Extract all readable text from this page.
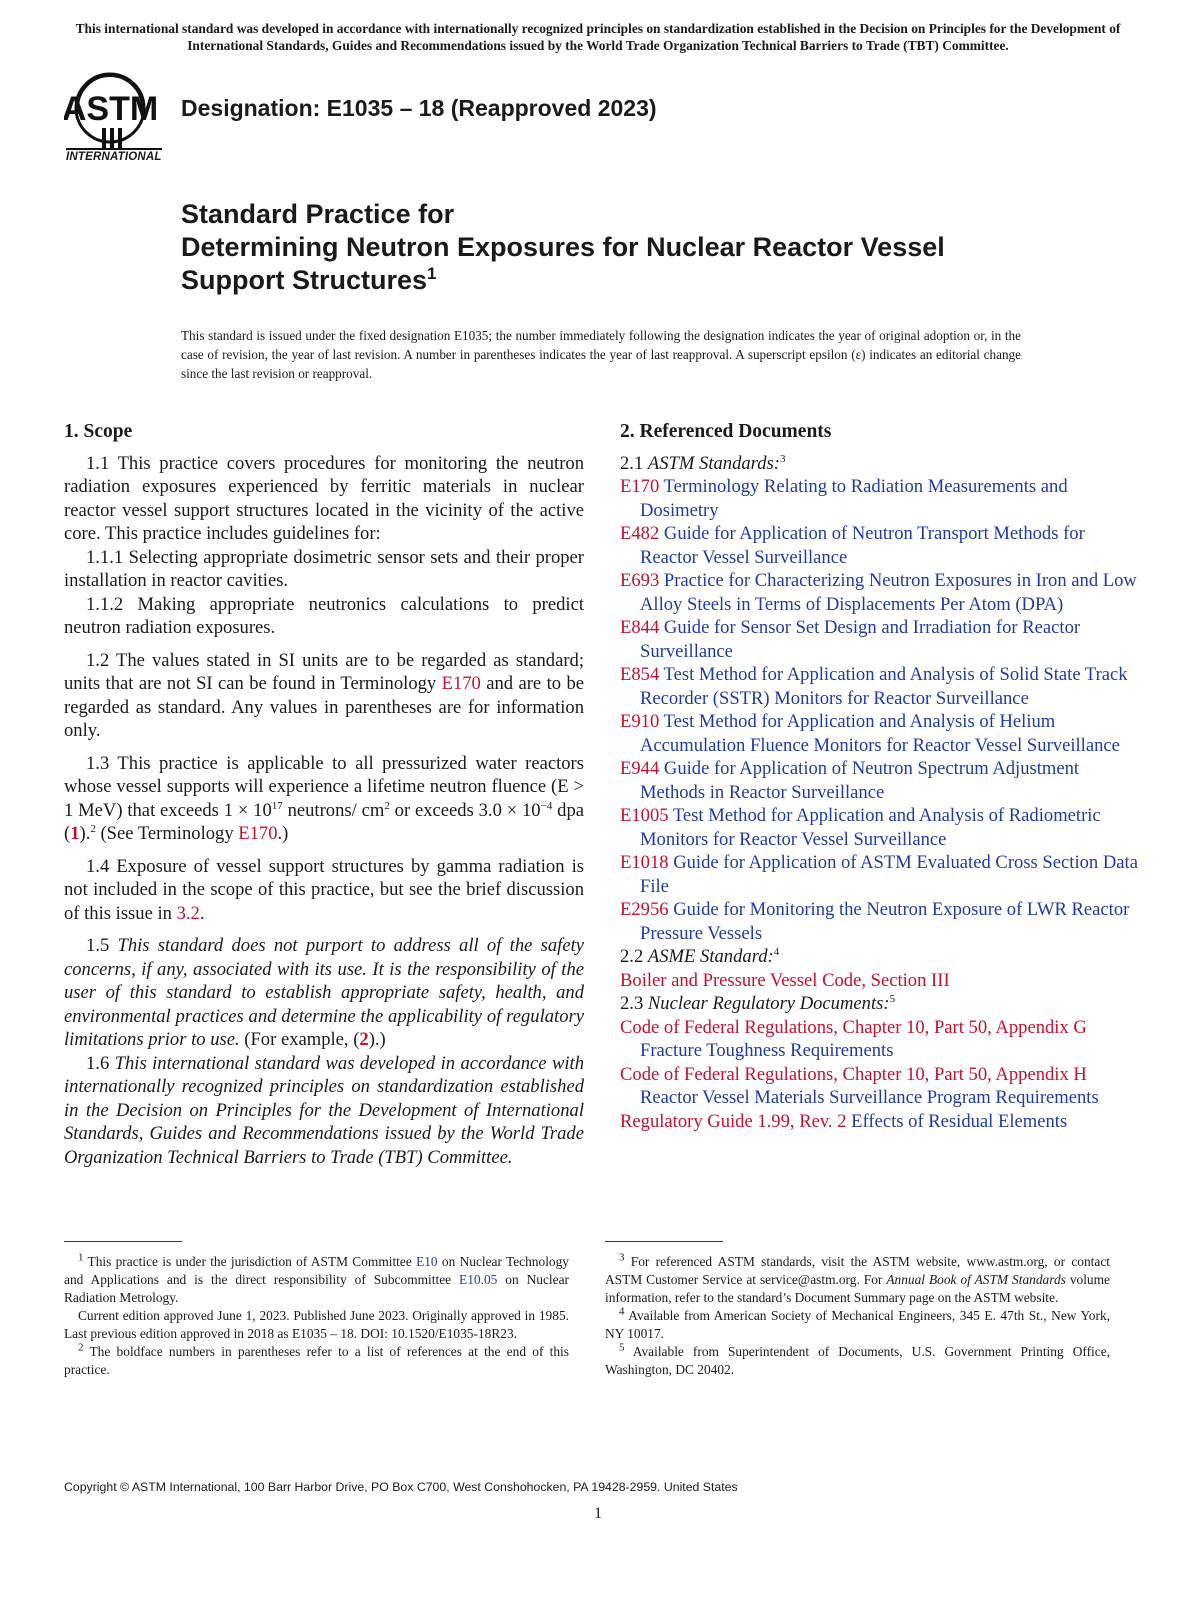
This international standard was developed in accordance with internationally recognized principles on standardization established in the Decision on Principles for the Development of International Standards, Guides and Recommendations issued by the World Trade Organization Technical Barriers to Trade (TBT) Committee.
ASTM
INTERNATIONAL
Designation: E1035 – 18 (Reapproved 2023)
Standard Practice for
Determining Neutron Exposures for Nuclear Reactor Vessel
Support Structures$^1$
This standard is issued under the fixed designation E1035; the number immediately following the designation indicates the year of original adoption or, in the case of revision, the year of last revision. A number in parentheses indicates the year of last reapproval. A superscript epsilon (ε) indicates an editorial change since the last revision or reapproval.
1. Scope

1.1 This practice covers procedures for monitoring the neutron radiation exposures experienced by ferritic materials in nuclear reactor vessel support structures located in the vicinity of the active core. This practice includes guidelines for:

1.1.1 Selecting appropriate dosimetric sensor sets and their proper installation in reactor cavities.

1.1.2 Making appropriate neutronics calculations to predict neutron radiation exposures.

1.2 The values stated in SI units are to be regarded as standard; units that are not SI can be found in Terminology E170 and are to be regarded as standard. Any values in parentheses are for information only.

1.3 This practice is applicable to all pressurized water reactors whose vessel supports will experience a lifetime neutron fluence (E > 1 MeV) that exceeds $1 \times 10^{17}$ neutrons/ $cm^2$ or exceeds $3.0 \times 10^{-4}$ dpa (1).$^2$ (See Terminology E170.)

1.4 Exposure of vessel support structures by gamma radiation is not included in the scope of this practice, but see the brief discussion of this issue in 3.2.

1.5 This standard does not purport to address all of the safety concerns, if any, associated with its use. It is the responsibility of the user of this standard to establish appropriate safety, health, and environmental practices and determine the applicability of regulatory limitations prior to use. (For example, (2).)

1.6 This international standard was developed in accordance with internationally recognized principles on standardization established in the Decision on Principles for the Development of International Standards, Guides and Recommendations issued by the World Trade Organization Technical Barriers to Trade (TBT) Committee.

2. Referenced Documents

2.1 ASTM Standards:$^3$

E170 Terminology Relating to Radiation Measurements and Dosimetry

E482 Guide for Application of Neutron Transport Methods for Reactor Vessel Surveillance

E693 Practice for Characterizing Neutron Exposures in Iron and Low Alloy Steels in Terms of Displacements Per Atom (DPA)

E844 Guide for Sensor Set Design and Irradiation for Reactor Surveillance

E854 Test Method for Application and Analysis of Solid State Track Recorder (SSTR) Monitors for Reactor Surveillance

E910 Test Method for Application and Analysis of Helium Accumulation Fluence Monitors for Reactor Vessel Surveillance

E944 Guide for Application of Neutron Spectrum Adjustment Methods in Reactor Surveillance

E1005 Test Method for Application and Analysis of Radiometric Monitors for Reactor Vessel Surveillance

E1018 Guide for Application of ASTM Evaluated Cross Section Data File

E2956 Guide for Monitoring the Neutron Exposure of LWR Reactor Pressure Vessels

2.2 ASME Standard:$^4$

Boiler and Pressure Vessel Code, Section III

2.3 Nuclear Regulatory Documents:$^5$

Code of Federal Regulations, Chapter 10, Part 50, Appendix G Fracture Toughness Requirements

Code of Federal Regulations, Chapter 10, Part 50, Appendix H Reactor Vessel Materials Surveillance Program Requirements

Regulatory Guide 1.99, Rev. 2 Effects of Residual Elements

$^1$ This practice is under the jurisdiction of ASTM Committee E10 on Nuclear Technology and Applications and is the direct responsibility of Subcommittee E10.05 on Nuclear Radiation Metrology.

Current edition approved June 1, 2023. Published June 2023. Originally approved in 1985. Last previous edition approved in 2018 as E1035 – 18. DOI: 10.1520/E1035-18R23.

$^2$ The boldface numbers in parentheses refer to a list of references at the end of this practice.

$^3$ For referenced ASTM standards, visit the ASTM website, www.astm.org, or contact ASTM Customer Service at service@astm.org. For Annual Book of ASTM Standards volume information, refer to the standard’s Document Summary page on the ASTM website.

$^4$ Available from American Society of Mechanical Engineers, 345 E. 47th St., New York, NY 10017.

$^5$ Available from Superintendent of Documents, U.S. Government Printing Office, Washington, DC 20402.

Copyright © ASTM International, 100 Barr Harbor Drive, PO Box C700, West Conshohocken, PA 19428-2959. United States
1
